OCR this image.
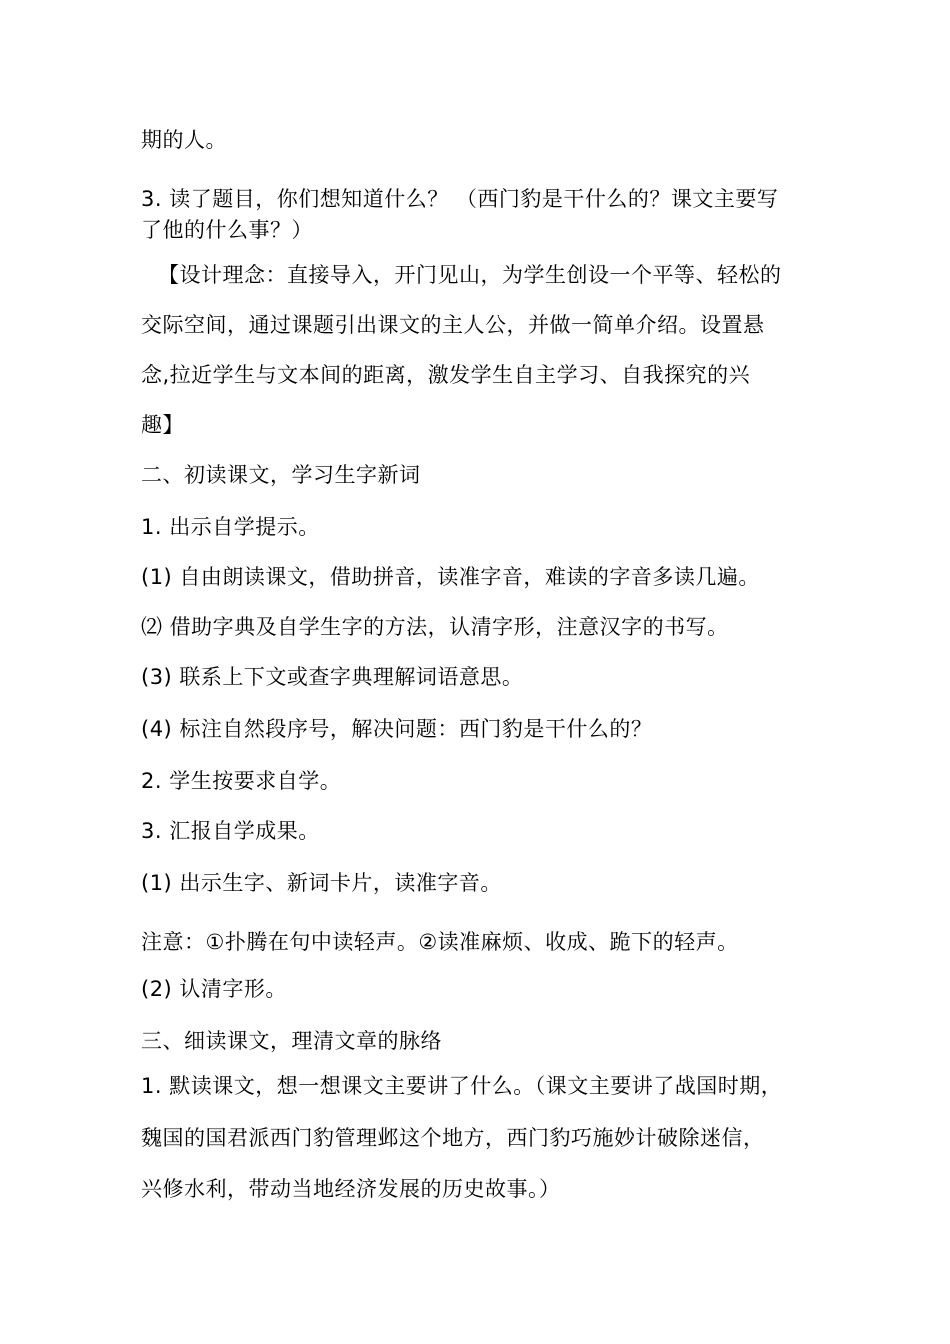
期的人。
3. 读了题目，你们想知道什么？ （西门豹是干什么的？课文主要写
了他的什么事？）
【设计理念：直接导入，开门见山，为学生创设一个平等、轻松的
交际空间，通过课题引出课文的主人公，并做一简单介绍。设置悬
念,拉近学生与文本间的距离，激发学生自主学习、自我探究的兴
趣】
二、初读课文，学习生字新词
1. 出示自学提示。
(1) 自由朗读课文，借助拼音，读准字音，难读的字音多读几遍。
⑵ 借助字典及自学生字的方法，认清字形，注意汉字的书写。
(3) 联系上下文或查字典理解词语意思。
(4) 标注自然段序号，解决问题：西门豹是干什么的？
2. 学生按要求自学。
3. 汇报自学成果。
(1) 出示生字、新词卡片，读准字音。
注意：①扑腾在句中读轻声。②读准麻烦、收成、跪下的轻声。
(2) 认清字形。
三、细读课文，理清文章的脉络
1. 默读课文，想一想课文主要讲了什么。（课文主要讲了战国时期，
魏国的国君派西门豹管理邺这个地方，西门豹巧施妙计破除迷信，
兴修水利，带动当地经济发展的历史故事。）
